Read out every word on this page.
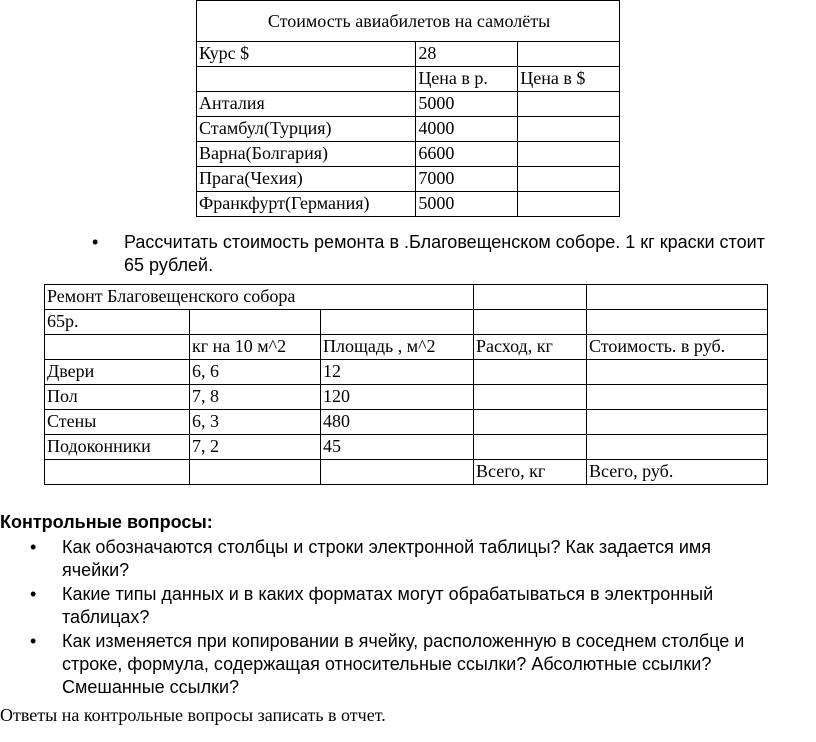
Стоимость авиабилетов на самолёты		
Курс $	28	
	Цена в р.	Цена в $
Анталия	5000	
Стамбул(Турция)	4000	
Варна(Болгария)	6600	
Прага(Чехия)	7000	
Франкфурт(Германия)	5000	
• Рассчитать стоимость ремонта в .Благовещенском соборе. 1 кг краски стоит
65 рублей.
Ремонт Благовещенского собора				
65р.				
	кг на 10 м^2	Площадь , м^2	Расход, кг	Стоимость. в руб.
Двери	6, 6	12		
Пол	7, 8	120		
Стены	6, 3	480		
Подоконники	7, 2	45		
			Всего, кг	Всего, руб.
Контрольные вопросы:
• Как обозначаются столбцы и строки электронной таблицы? Как задается имя
ячейки?
• Какие типы данных и в каких форматах могут обрабатываться в электронный
таблицах?
• Как изменяется при копировании в ячейку, расположенную в соседнем столбце и
строке, формула, содержащая относительные ссылки? Абсолютные ссылки?
Смешанные ссылки?
Ответы на контрольные вопросы записать в отчет.
